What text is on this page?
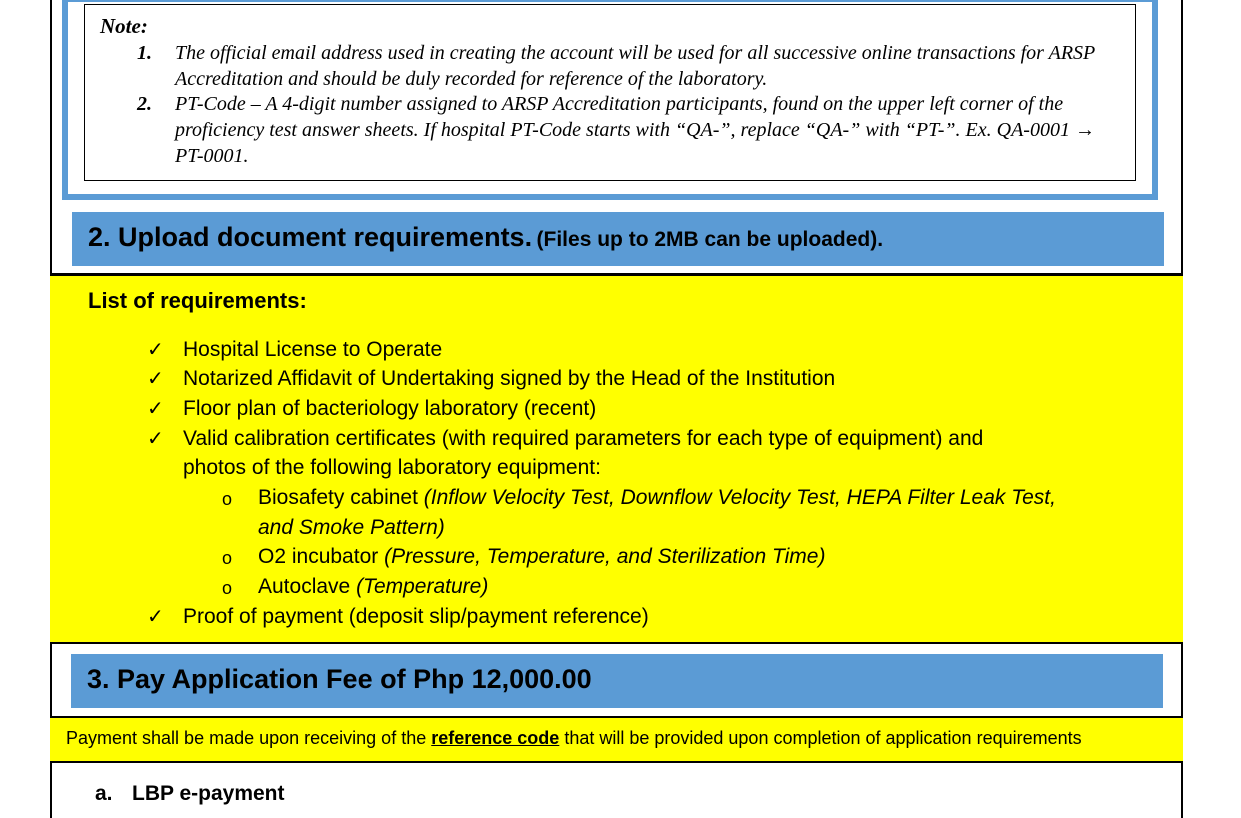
Note:
1. The official email address used in creating the account will be used for all successive online transactions for ARSP Accreditation and should be duly recorded for reference of the laboratory.
2. PT-Code – A 4-digit number assigned to ARSP Accreditation participants, found on the upper left corner of the proficiency test answer sheets. If hospital PT-Code starts with “QA-”, replace “QA-” with “PT-”. Ex. QA-0001 → PT-0001.
2. Upload document requirements. (Files up to 2MB can be uploaded).
List of requirements:
✓ Hospital License to Operate
✓ Notarized Affidavit of Undertaking signed by the Head of the Institution
✓ Floor plan of bacteriology laboratory (recent)
✓ Valid calibration certificates (with required parameters for each type of equipment) and
photos of the following laboratory equipment:
o Biosafety cabinet (Inflow Velocity Test, Downflow Velocity Test, HEPA Filter Leak Test,
and Smoke Pattern)
o O2 incubator (Pressure, Temperature, and Sterilization Time)
o Autoclave (Temperature)
✓ Proof of payment (deposit slip/payment reference)
3. Pay Application Fee of Php 12,000.00
Payment shall be made upon receiving of the reference code that will be provided upon completion of application requirements
a. LBP e-payment
